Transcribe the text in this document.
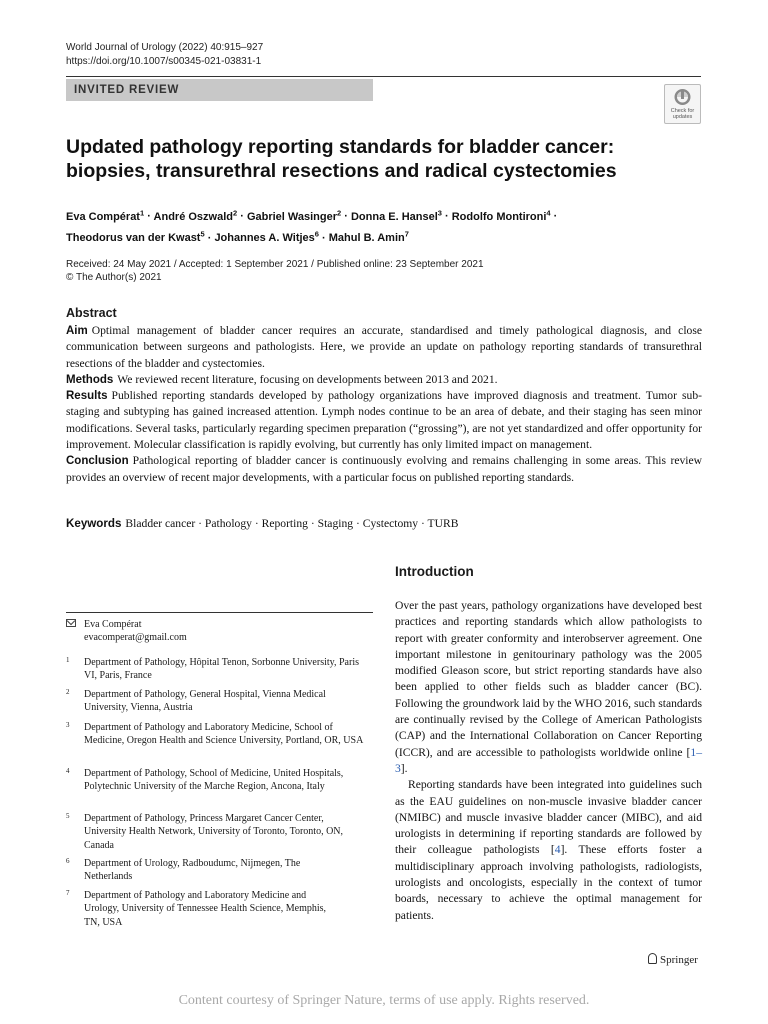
World Journal of Urology (2022) 40:915–927
https://doi.org/10.1007/s00345-021-03831-1
INVITED REVIEW
Check for
updates
Updated pathology reporting standards for bladder cancer: biopsies, transurethral resections and radical cystectomies
Eva Compérat$^1$ · André Oszwald$^2$ · Gabriel Wasinger$^2$ · Donna E. Hansel$^3$ · Rodolfo Montironi$^4$ ·
Theodorus van der Kwast$^5$ · Johannes A. Witjes$^6$ · Mahul B. Amin$^7$
Received: 24 May 2021 / Accepted: 1 September 2021 / Published online: 23 September 2021
© The Author(s) 2021
Abstract

Aim Optimal management of bladder cancer requires an accurate, standardised and timely pathological diagnosis, and close communication between surgeons and pathologists. Here, we provide an update on pathology reporting standards of transurethral resections of the bladder and cystectomies.

Methods We reviewed recent literature, focusing on developments between 2013 and 2021.

Results Published reporting standards developed by pathology organizations have improved diagnosis and treatment. Tumor sub-staging and subtyping has gained increased attention. Lymph nodes continue to be an area of debate, and their staging has seen minor modifications. Several tasks, particularly regarding specimen preparation (“grossing”), are not yet standardized and offer opportunity for improvement. Molecular classification is rapidly evolving, but currently has only limited impact on management.

Conclusion Pathological reporting of bladder cancer is continuously evolving and remains challenging in some areas. This review provides an overview of recent major developments, with a particular focus on published reporting standards.

Keywords Bladder cancer · Pathology · Reporting · Staging · Cystectomy · TURB
Introduction

Over the past years, pathology organizations have developed best practices and reporting standards which allow pathologists to report with greater conformity and interobserver agreement. One important milestone in genitourinary pathology was the 2005 modified Gleason score, but strict reporting standards have also been applied to other fields such as bladder cancer (BC). Following the groundwork laid by the WHO 2016, such standards are continually revised by the College of American Pathologists (CAP) and the International Collaboration on Cancer Reporting (ICCR), and are accessible to pathologists worldwide online [1–3].

Reporting standards have been integrated into guidelines such as the EAU guidelines on non-muscle invasive bladder cancer (NMIBC) and muscle invasive bladder cancer (MIBC), and aid urologists in determining if reporting standards are followed by their colleague pathologists [4]. These efforts foster a multidisciplinary approach involving pathologists, radiologists, urologists and oncologists, especially in the context of tumor boards, necessary to achieve the optimal management for patients.

Eva Compérat
evacomperat@gmail.com
1 Department of Pathology, Hôpital Tenon, Sorbonne University, Paris VI, Paris, France
2 Department of Pathology, General Hospital, Vienna Medical University, Vienna, Austria
3 Department of Pathology and Laboratory Medicine, School of Medicine, Oregon Health and Science University, Portland, OR, USA
4 Department of Pathology, School of Medicine, United Hospitals, Polytechnic University of the Marche Region, Ancona, Italy
5 Department of Pathology, Princess Margaret Cancer Center, University Health Network, University of Toronto, Toronto, ON, Canada
6 Department of Urology, Radboudumc, Nijmegen, The Netherlands
7 Department of Pathology and Laboratory Medicine and Urology, University of Tennessee Health Science, Memphis, TN, USA
Springer
Content courtesy of Springer Nature, terms of use apply. Rights reserved.
